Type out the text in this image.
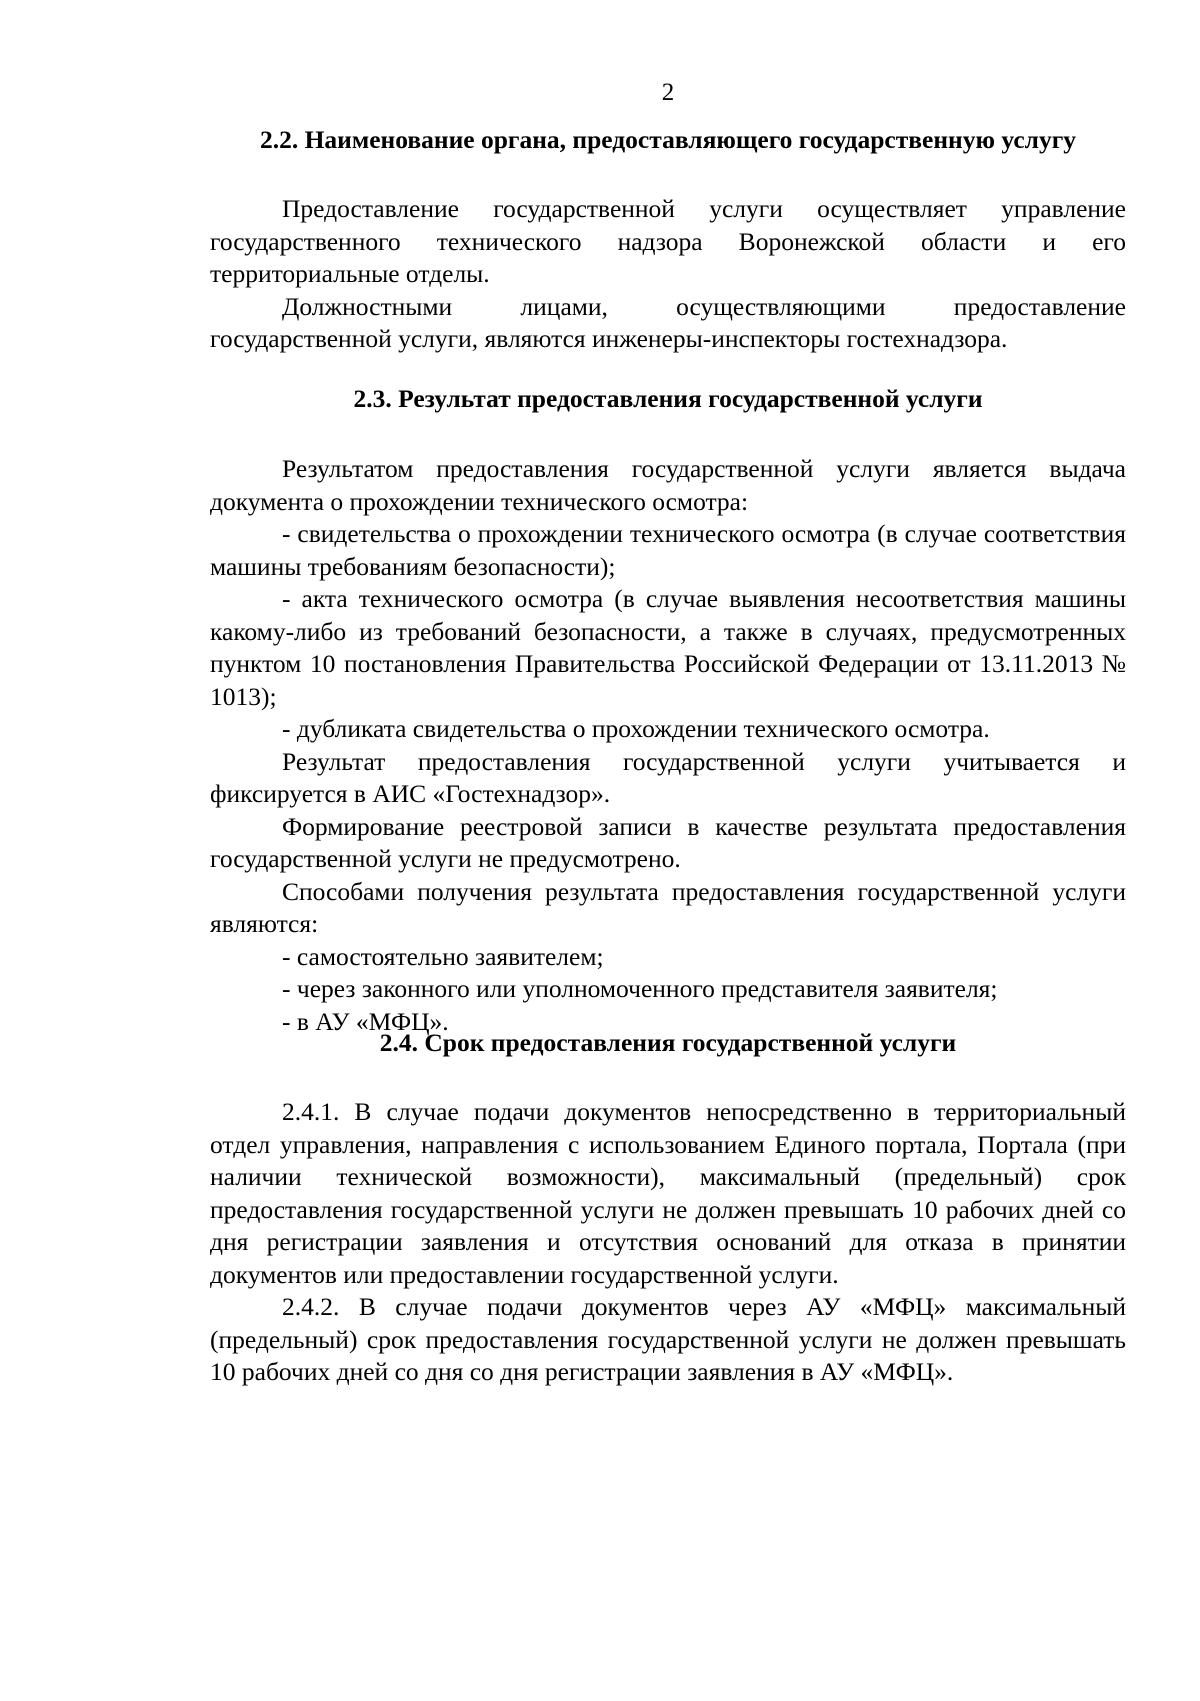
2
2.2. Наименование органа, предоставляющего государственную услугу

Предоставление государственной услуги осуществляет управление государственного технического надзора Воронежской области и его территориальные отделы.

Должностными лицами, осуществляющими предоставление государственной услуги, являются инженеры-инспекторы гостехнадзора.

2.3. Результат предоставления государственной услуги

Результатом предоставления государственной услуги является выдача документа о прохождении технического осмотра:

- свидетельства о прохождении технического осмотра (в случае соответствия машины требованиям безопасности);

- акта технического осмотра (в случае выявления несоответствия машины какому-либо из требований безопасности, а также в случаях, предусмотренных пунктом 10 постановления Правительства Российской Федерации от 13.11.2013 № 1013);

- дубликата свидетельства о прохождении технического осмотра.

Результат предоставления государственной услуги учитывается и фиксируется в АИС «Гостехнадзор».

Формирование реестровой записи в качестве результата предоставления государственной услуги не предусмотрено.

Способами получения результата предоставления государственной услуги являются:

- самостоятельно заявителем;

- через законного или уполномоченного представителя заявителя;

- в АУ «МФЦ».

2.4. Срок предоставления государственной услуги

2.4.1. В случае подачи документов непосредственно в территориальный отдел управления, направления с использованием Единого портала, Портала (при наличии технической возможности), максимальный (предельный) срок предоставления государственной услуги не должен превышать 10 рабочих дней со дня регистрации заявления и отсутствия оснований для отказа в принятии документов или предоставлении государственной услуги.

2.4.2. В случае подачи документов через АУ «МФЦ» максимальный (предельный) срок предоставления государственной услуги не должен превышать 10 рабочих дней со дня со дня регистрации заявления в АУ «МФЦ».
